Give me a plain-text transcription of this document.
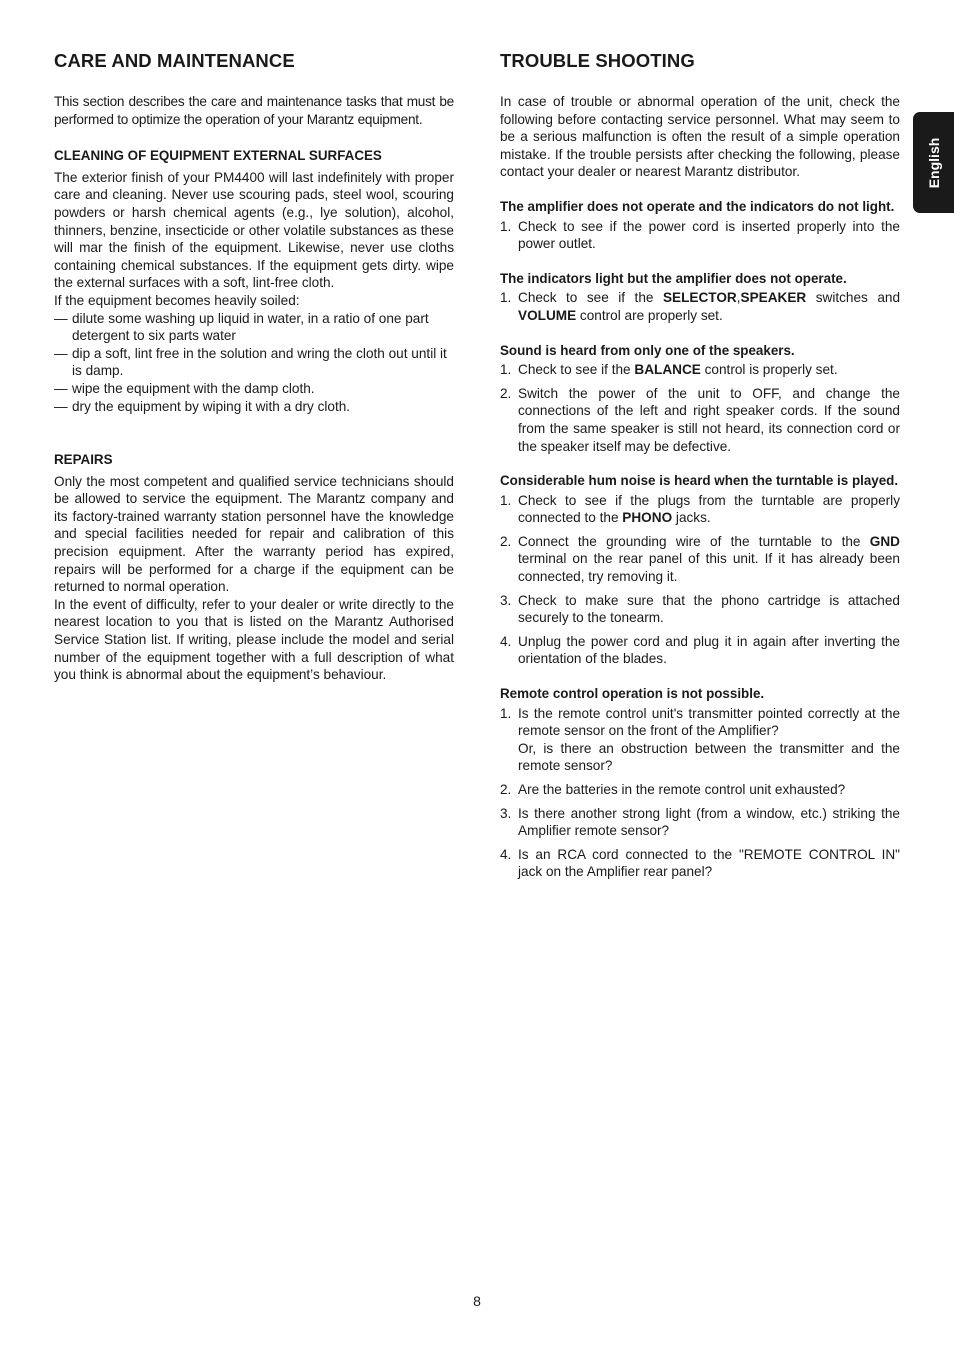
CARE AND MAINTENANCE

This section describes the care and maintenance tasks that must be performed to optimize the operation of your Marantz equipment.

CLEANING OF EQUIPMENT EXTERNAL SURFACES

The exterior finish of your PM4400 will last indefinitely with proper care and cleaning. Never use scouring pads, steel wool, scouring powders or harsh chemical agents (e.g., lye solution), alcohol, thinners, benzine, insecticide or other volatile substances as these will mar the finish of the equipment. Likewise, never use cloths containing chemical substances. If the equipment gets dirty. wipe the external surfaces with a soft, lint-free cloth.

If the equipment becomes heavily soiled:

— dilute some washing up liquid in water, in a ratio of one part detergent to six parts water
— dip a soft, lint free in the solution and wring the cloth out until it is damp.
— wipe the equipment with the damp cloth.
— dry the equipment by wiping it with a dry cloth.
REPAIRS

Only the most competent and qualified service technicians should be allowed to service the equipment. The Marantz company and its factory-trained warranty station personnel have the knowledge and special facilities needed for repair and calibration of this precision equipment. After the warranty period has expired, repairs will be performed for a charge if the equipment can be returned to normal operation.

In the event of difficulty, refer to your dealer or write directly to the nearest location to you that is listed on the Marantz Authorised Service Station list. If writing, please include the model and serial number of the equipment together with a full description of what you think is abnormal about the equipment’s behaviour.

TROUBLE SHOOTING

In case of trouble or abnormal operation of the unit, check the following before contacting service personnel. What may seem to be a serious malfunction is often the result of a simple operation mistake. If the trouble persists after checking the following, please contact your dealer or nearest Marantz distributor.

The amplifier does not operate and the indicators do not light.
1. Check to see if the power cord is inserted properly into the power outlet.
The indicators light but the amplifier does not operate.
1. Check to see if the SELECTOR,SPEAKER switches and VOLUME control are properly set.
Sound is heard from only one of the speakers.
1. Check to see if the BALANCE control is properly set.
2. Switch the power of the unit to OFF, and change the connections of the left and right speaker cords. If the sound from the same speaker is still not heard, its connection cord or the speaker itself may be defective.
Considerable hum noise is heard when the turntable is played.
1. Check to see if the plugs from the turntable are properly connected to the PHONO jacks.
2. Connect the grounding wire of the turntable to the GND terminal on the rear panel of this unit. If it has already been connected, try removing it.
3. Check to make sure that the phono cartridge is attached securely to the tonearm.
4. Unplug the power cord and plug it in again after inverting the orientation of the blades.
Remote control operation is not possible.
1. Is the remote control unit's transmitter pointed correctly at the remote sensor on the front of the Amplifier?
Or, is there an obstruction between the transmitter and the remote sensor?
2. Are the batteries in the remote control unit exhausted?
3. Is there another strong light (from a window, etc.) striking the Amplifier remote sensor?
4. Is an RCA cord connected to the "REMOTE CONTROL IN" jack on the Amplifier rear panel?
English
8
